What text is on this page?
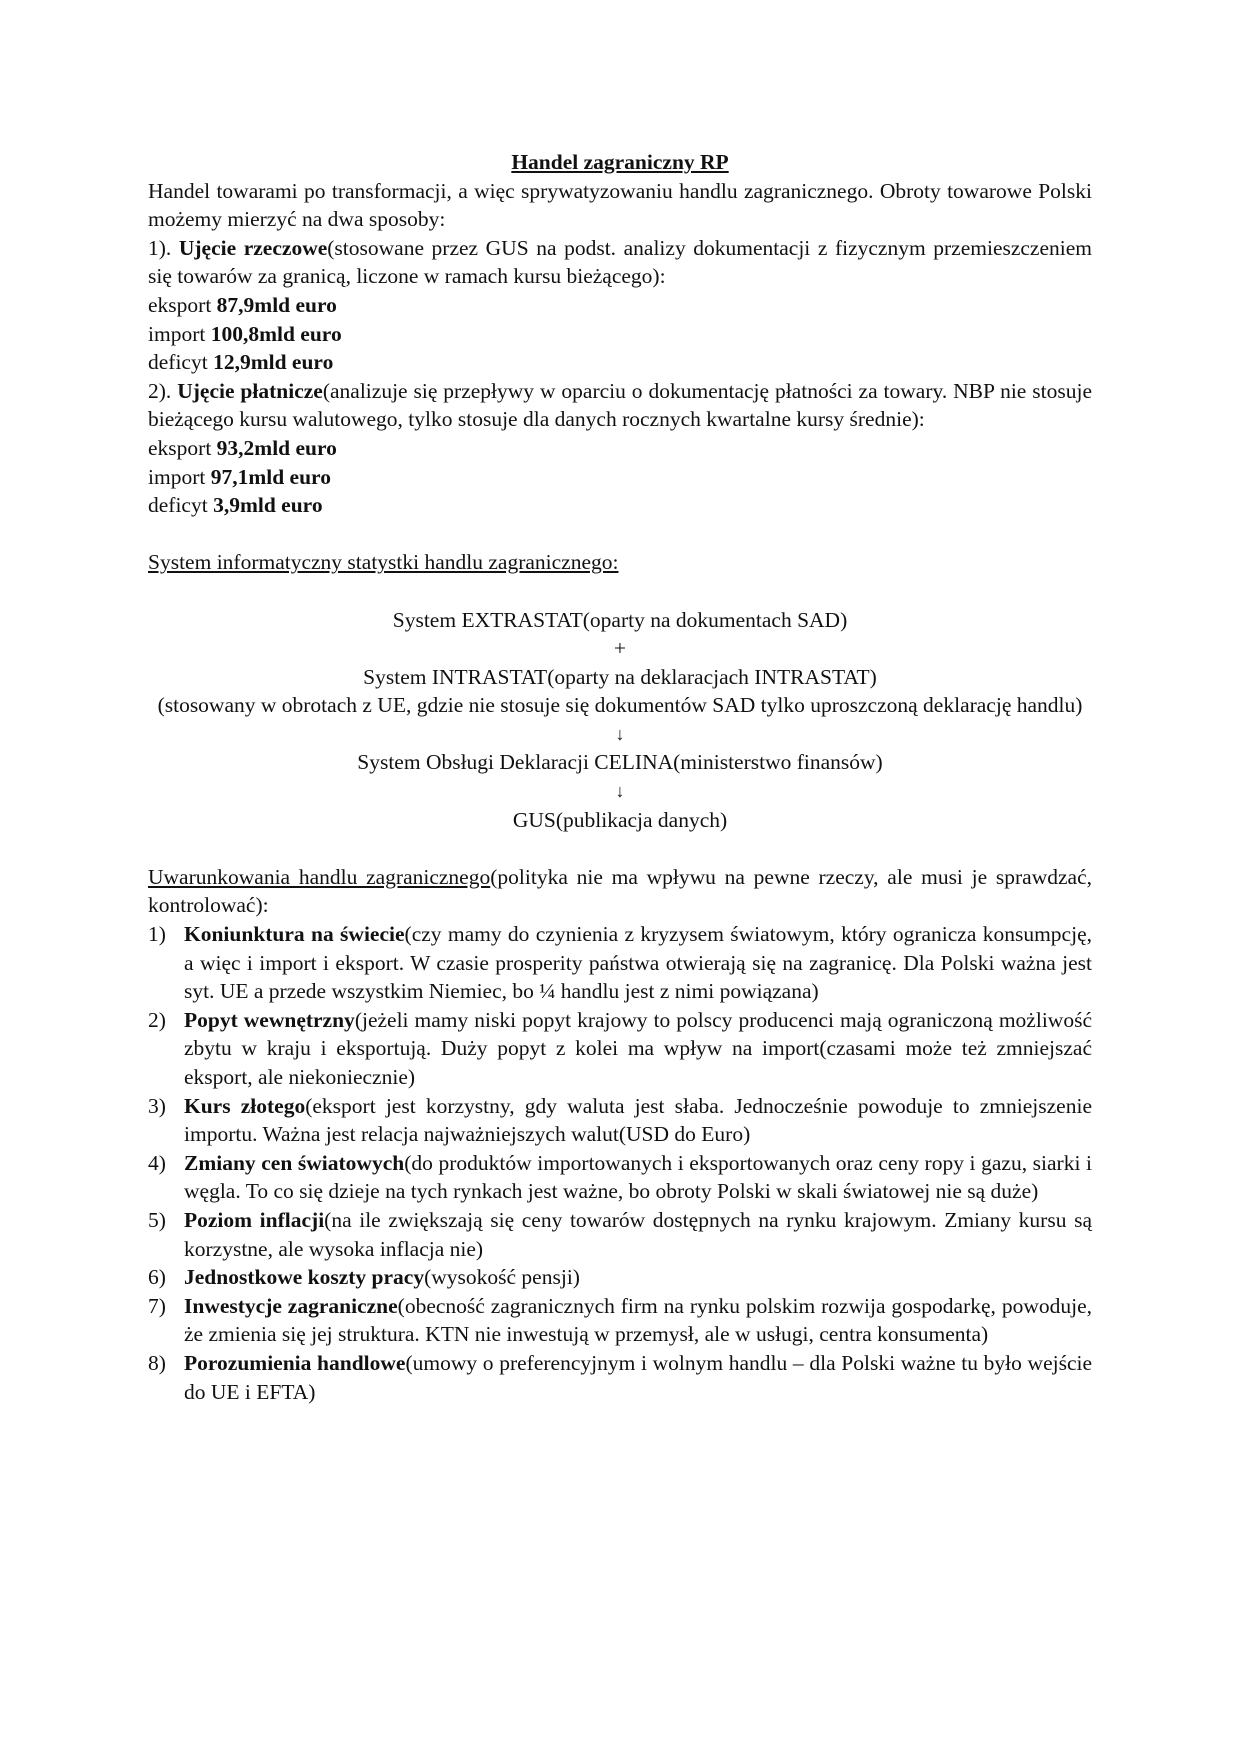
Handel zagraniczny RP

Handel towarami po transformacji, a więc sprywatyzowaniu handlu zagranicznego. Obroty towarowe Polski możemy mierzyć na dwa sposoby:

1). Ujęcie rzeczowe(stosowane przez GUS na podst. analizy dokumentacji z fizycznym przemieszczeniem się towarów za granicą, liczone w ramach kursu bieżącego):

eksport 87,9mld euro

import 100,8mld euro

deficyt 12,9mld euro

2). Ujęcie płatnicze(analizuje się przepływy w oparciu o dokumentację płatności za towary. NBP nie stosuje bieżącego kursu walutowego, tylko stosuje dla danych rocznych kwartalne kursy średnie):

eksport 93,2mld euro

import 97,1mld euro

deficyt 3,9mld euro

System informatyczny statystki handlu zagranicznego:

System EXTRASTAT(oparty na dokumentach SAD)

+

System INTRASTAT(oparty na deklaracjach INTRASTAT)

(stosowany w obrotach z UE, gdzie nie stosuje się dokumentów SAD tylko uproszczoną deklarację handlu)

↓

System Obsługi Deklaracji CELINA(ministerstwo finansów)

↓

GUS(publikacja danych)

Uwarunkowania handlu zagranicznego(polityka nie ma wpływu na pewne rzeczy, ale musi je sprawdzać, kontrolować):

1) Koniunktura na świecie(czy mamy do czynienia z kryzysem światowym, który ogranicza konsumpcję, a więc i import i eksport. W czasie prosperity państwa otwierają się na zagranicę. Dla Polski ważna jest syt. UE a przede wszystkim Niemiec, bo ¼ handlu jest z nimi powiązana)
2) Popyt wewnętrzny(jeżeli mamy niski popyt krajowy to polscy producenci mają ograniczoną możliwość zbytu w kraju i eksportują. Duży popyt z kolei ma wpływ na import(czasami może też zmniejszać eksport, ale niekoniecznie)
3) Kurs złotego(eksport jest korzystny, gdy waluta jest słaba. Jednocześnie powoduje to zmniejszenie importu. Ważna jest relacja najważniejszych walut(USD do Euro)
4) Zmiany cen światowych(do produktów importowanych i eksportowanych oraz ceny ropy i gazu, siarki i węgla. To co się dzieje na tych rynkach jest ważne, bo obroty Polski w skali światowej nie są duże)
5) Poziom inflacji(na ile zwiększają się ceny towarów dostępnych na rynku krajowym. Zmiany kursu są korzystne, ale wysoka inflacja nie)
6) Jednostkowe koszty pracy(wysokość pensji)
7) Inwestycje zagraniczne(obecność zagranicznych firm na rynku polskim rozwija gospodarkę, powoduje, że zmienia się jej struktura. KTN nie inwestują w przemysł, ale w usługi, centra konsumenta)
8) Porozumienia handlowe(umowy o preferencyjnym i wolnym handlu – dla Polski ważne tu było wejście do UE i EFTA)
